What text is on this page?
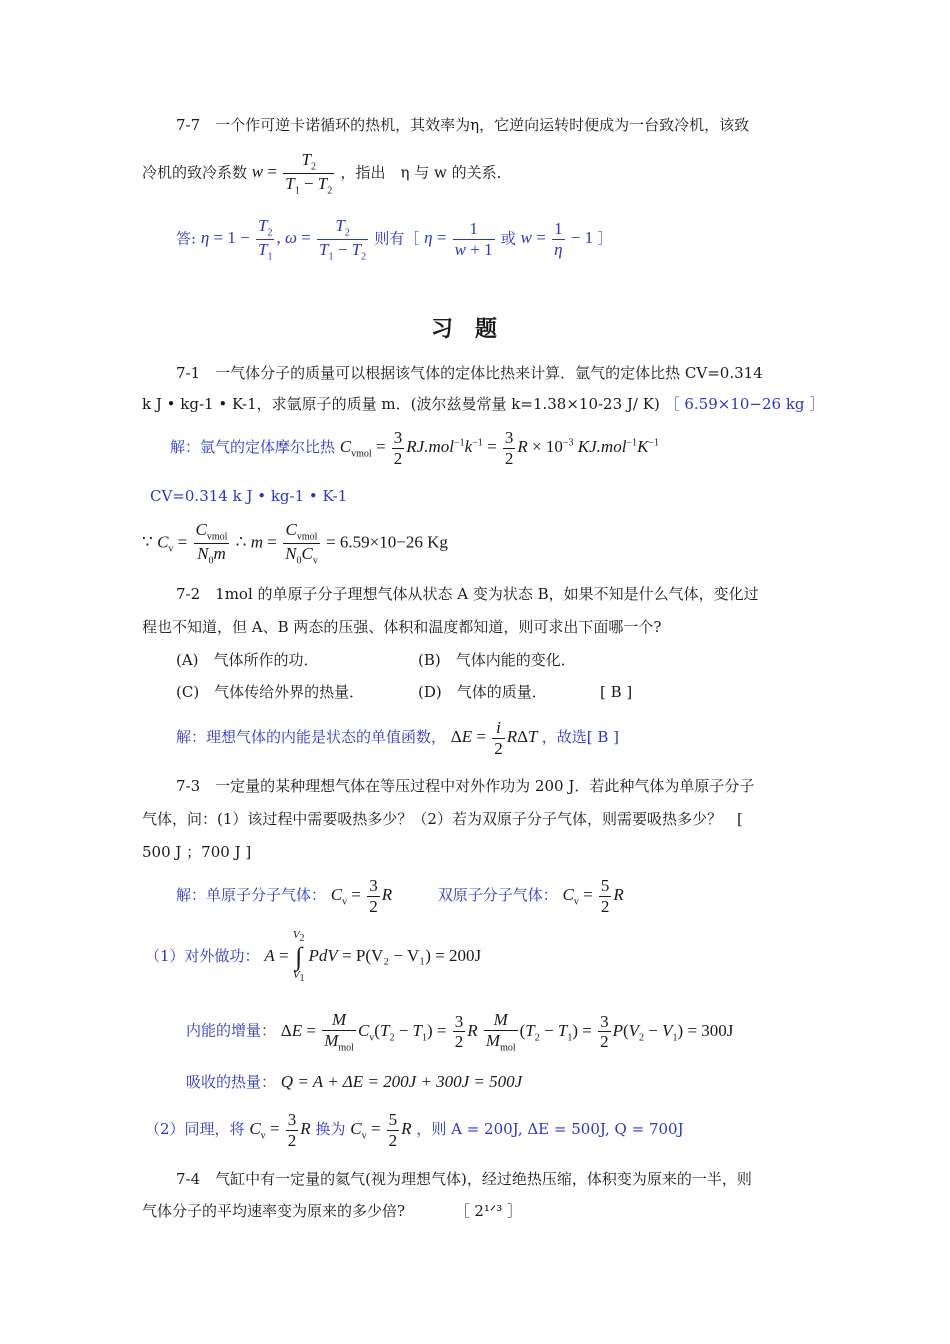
7-7　一个作可逆卡诺循环的热机，其效率为η，它逆向运转时便成为一台致冷机，该致
冷机的致冷系数 $w = \frac{T_2}{T_1 - T_2}$ ，指出　η 与 w 的关系．
答: $\eta = 1 - \frac{T_2}{T_1}$ , $\omega = \frac{T_2}{T_1 - T_2}$ 则有［ $\eta = \frac{1}{w + 1}$ 或 $w = \frac{1}{\eta} - 1$ ］
习题
7-1　一气体分子的质量可以根据该气体的定体比热来计算．氩气的定体比热 CV=0.314
k J • kg-1 • K-1，求氩原子的质量 m．(波尔兹曼常量 k=1.38×10-23 J/ K) ［ 6.59×10−26 kg ］
解：氩气的定体摩尔比热 $C_{vmol} = \frac{3}{2} RJ.mol^{-1}k^{-1} = \frac{3}{2}$ $R \times 10^{-3}$ $KJ.mol^{-1}K^{-1}$
CV=0.314 k J • kg-1 • K-1
∵ $C_v = \frac{C_{vmol}}{N_0m}$ ∴ $m = \frac{C_{vmol}}{N_0C_v} = 6.59\times 10-26$ Kg
7-2　1mol 的单原子分子理想气体从状态 A 变为状态 B，如果不知是什么气体，变化过
程也不知道，但 A、B 两态的压强、体积和温度都知道，则可求出下面哪一个?
(A)　气体所作的功．	(B)　气体内能的变化．
(C)　气体传给外界的热量．	(D)　气体的质量．	[ B ]
解：理想气体的内能是状态的单值函数， $\Delta E = \frac{i}{2}$ RΔT ，故选[ B ]
7-3　一定量的某种理想气体在等压过程中对外作功为 200 J．若此种气体为单原子分子
气体，问：(1）该过程中需要吸热多少？（2）若为双原子分子气体，则需要吸热多少？　[
500 J ；700 J ]
解：单原子分子气体： $C_v = \frac{3}{2}$ R	双原子分子气体： $C_v = \frac{5}{2}$ R
（1）对外做功： $A = V_2$
∫
$V_1PdV = P(V_2 - V_1) = 200J$
内能的增量： $\Delta E = \frac{M}{M_{mol}} C_v(T_2 - T_1) = \frac{3}{2}$ R $\frac{M}{M_{mol}} (T_2 - T_1) = \frac{3}{2} P(V_2 - V_1) = 300J$
吸收的热量： Q = A + ΔE = 200J + 300J = 500J
（2）同理，将 $C_v = \frac{3}{2}$ R 换为 $C_v = \frac{5}{2}$ R ，则 A = 200J, ΔE = 500J, Q = 700J
7-4　气缸中有一定量的氦气(视为理想气体)，经过绝热压缩，体积变为原来的一半，则
气体分子的平均速率变为原来的多少倍?	［ 2¹ᐟ³ ］
